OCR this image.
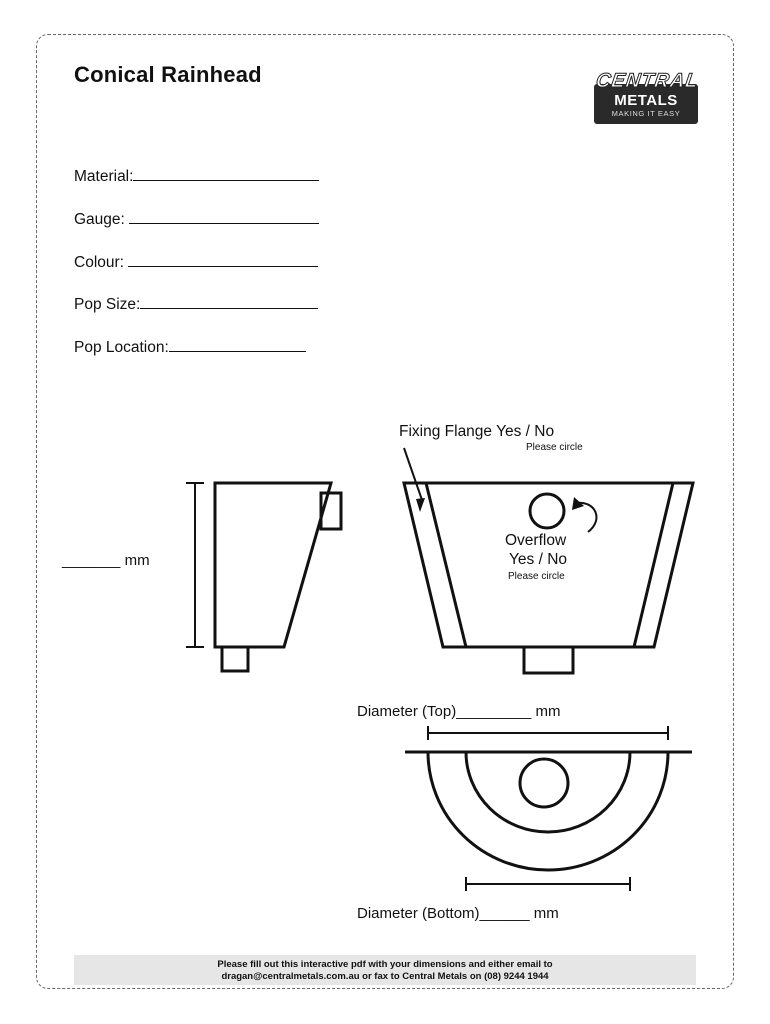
Conical Rainhead	CENTRAL
METALS
MAKING IT EASY
Material:
Gauge:
Colour:
Pop Size:
Pop Location:
_______ mm
Fixing Flange Yes / No
Please circle
Overflow
Yes / No
Please circle
Diameter (Top)_________ mm
Diameter (Bottom)______ mm
Please fill out this interactive pdf with your dimensions and either email to
dragan@centralmetals.com.au or fax to Central Metals on (08) 9244 1944
